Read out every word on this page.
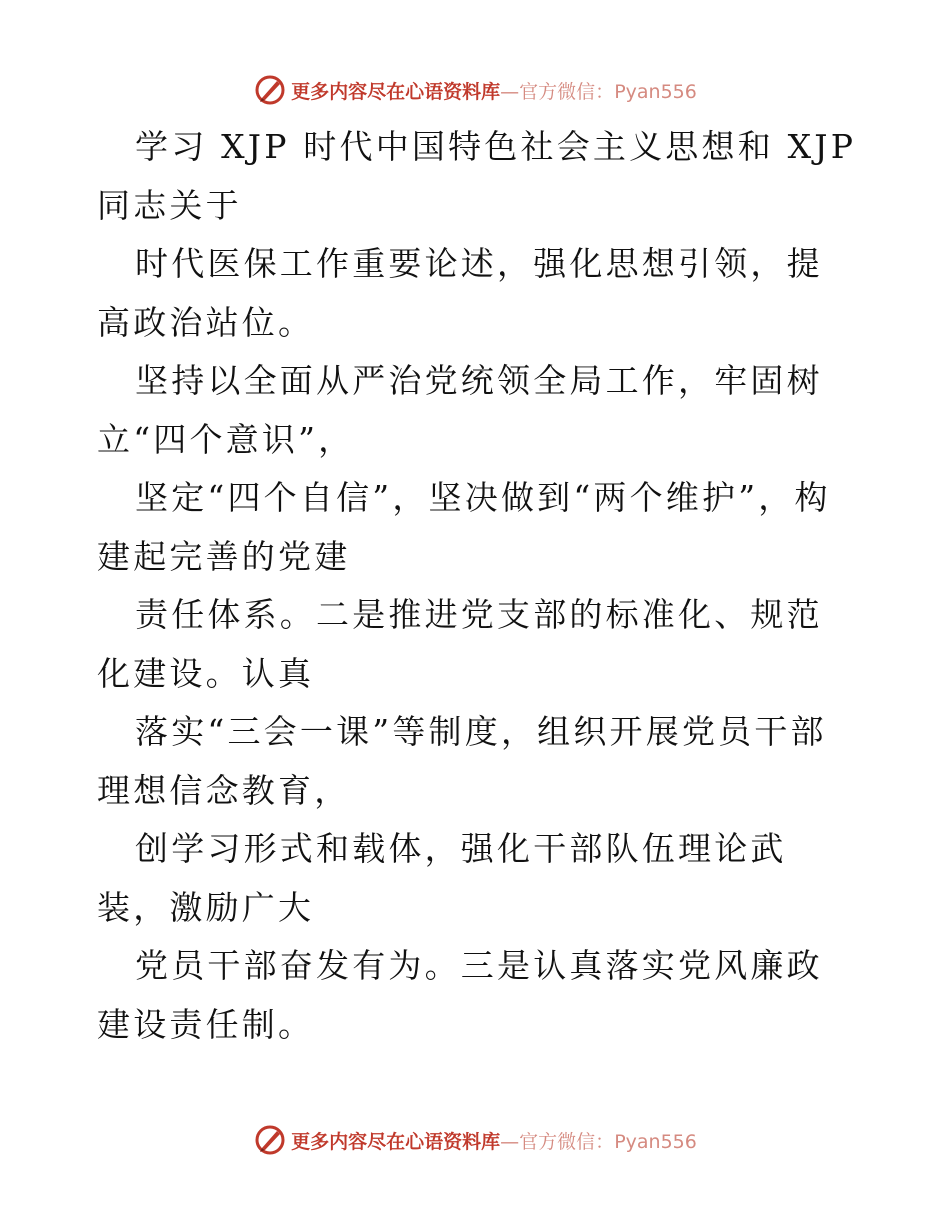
更多内容尽在心语资料库—官方微信：Pyan556

学习 XJP 时代中国特色社会主义思想和 XJP 同志关于

时代医保工作重要论述，强化思想引领，提高政治站位。

坚持以全面从严治党统领全局工作，牢固树立“四个意识”，

坚定“四个自信”，坚决做到“两个维护”，构建起完善的党建

责任体系。二是推进党支部的标准化、规范化建设。认真

落实“三会一课”等制度，组织开展党员干部理想信念教育，

创学习形式和载体，强化干部队伍理论武装，激励广大

党员干部奋发有为。三是认真落实党风廉政建设责任制。

更多内容尽在心语资料库—官方微信：Pyan556
